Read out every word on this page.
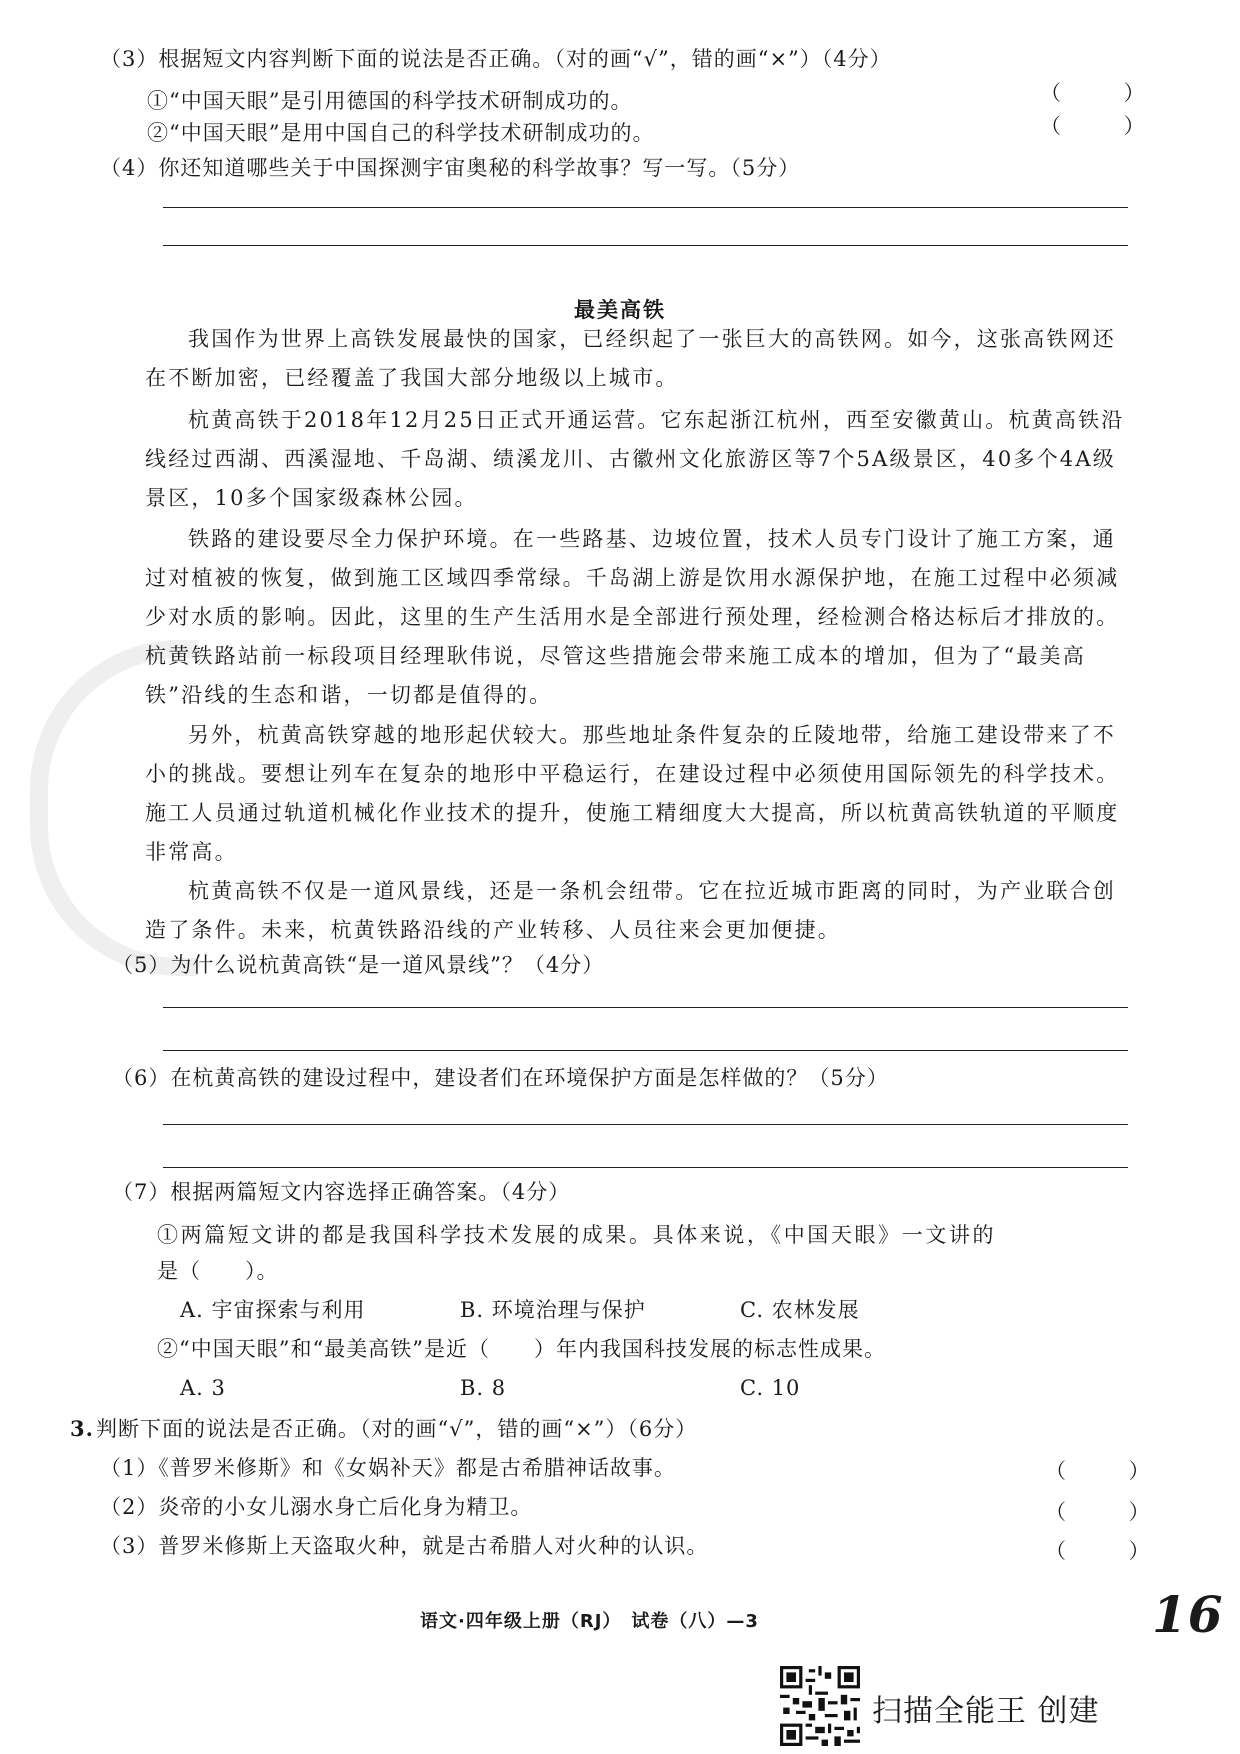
（3）根据短文内容判断下面的说法是否正确。（对的画“√”，错的画“×”）（4分）
①“中国天眼”是引用德国的科学技术研制成功的。	（ ）
②“中国天眼”是用中国自己的科学技术研制成功的。	（ ）
（4）你还知道哪些关于中国探测宇宙奥秘的科学故事？写一写。（5分）
最美高铁
我国作为世界上高铁发展最快的国家，已经织起了一张巨大的高铁网。如今，这张高铁网还在不断加密，已经覆盖了我国大部分地级以上城市。
杭黄高铁于2018年12月25日正式开通运营。它东起浙江杭州，西至安徽黄山。杭黄高铁沿线经过西湖、西溪湿地、千岛湖、绩溪龙川、古徽州文化旅游区等7个5A级景区，40多个4A级景区，10多个国家级森林公园。
铁路的建设要尽全力保护环境。在一些路基、边坡位置，技术人员专门设计了施工方案，通过对植被的恢复，做到施工区域四季常绿。千岛湖上游是饮用水源保护地，在施工过程中必须减少对水质的影响。因此，这里的生产生活用水是全部进行预处理，经检测合格达标后才排放的。杭黄铁路站前一标段项目经理耿伟说，尽管这些措施会带来施工成本的增加，但为了“最美高铁”沿线的生态和谐，一切都是值得的。
另外，杭黄高铁穿越的地形起伏较大。那些地址条件复杂的丘陵地带，给施工建设带来了不小的挑战。要想让列车在复杂的地形中平稳运行，在建设过程中必须使用国际领先的科学技术。施工人员通过轨道机械化作业技术的提升，使施工精细度大大提高，所以杭黄高铁轨道的平顺度非常高。
杭黄高铁不仅是一道风景线，还是一条机会纽带。它在拉近城市距离的同时，为产业联合创造了条件。未来，杭黄铁路沿线的产业转移、人员往来会更加便捷。
（5）为什么说杭黄高铁“是一道风景线”？（4分）
（6）在杭黄高铁的建设过程中，建设者们在环境保护方面是怎样做的？（5分）
（7）根据两篇短文内容选择正确答案。（4分）
①两篇短文讲的都是我国科学技术发展的成果。具体来说，《中国天眼》一文讲的
是（　　）。
A. 宇宙探索与利用	B. 环境治理与保护	C. 农林发展
②“中国天眼”和“最美高铁”是近（　　）年内我国科技发展的标志性成果。
A. 3	B. 8	C. 10
3. 判断下面的说法是否正确。（对的画“√”，错的画“×”）（6分）
（1）《普罗米修斯》和《女娲补天》都是古希腊神话故事。	（ ）
（2）炎帝的小女儿溺水身亡后化身为精卫。	（ ）
（3）普罗米修斯上天盗取火种，就是古希腊人对火种的认识。	（ ）
语文·四年级上册（RJ）　试卷（八）—3	16
扫描全能王 创建
